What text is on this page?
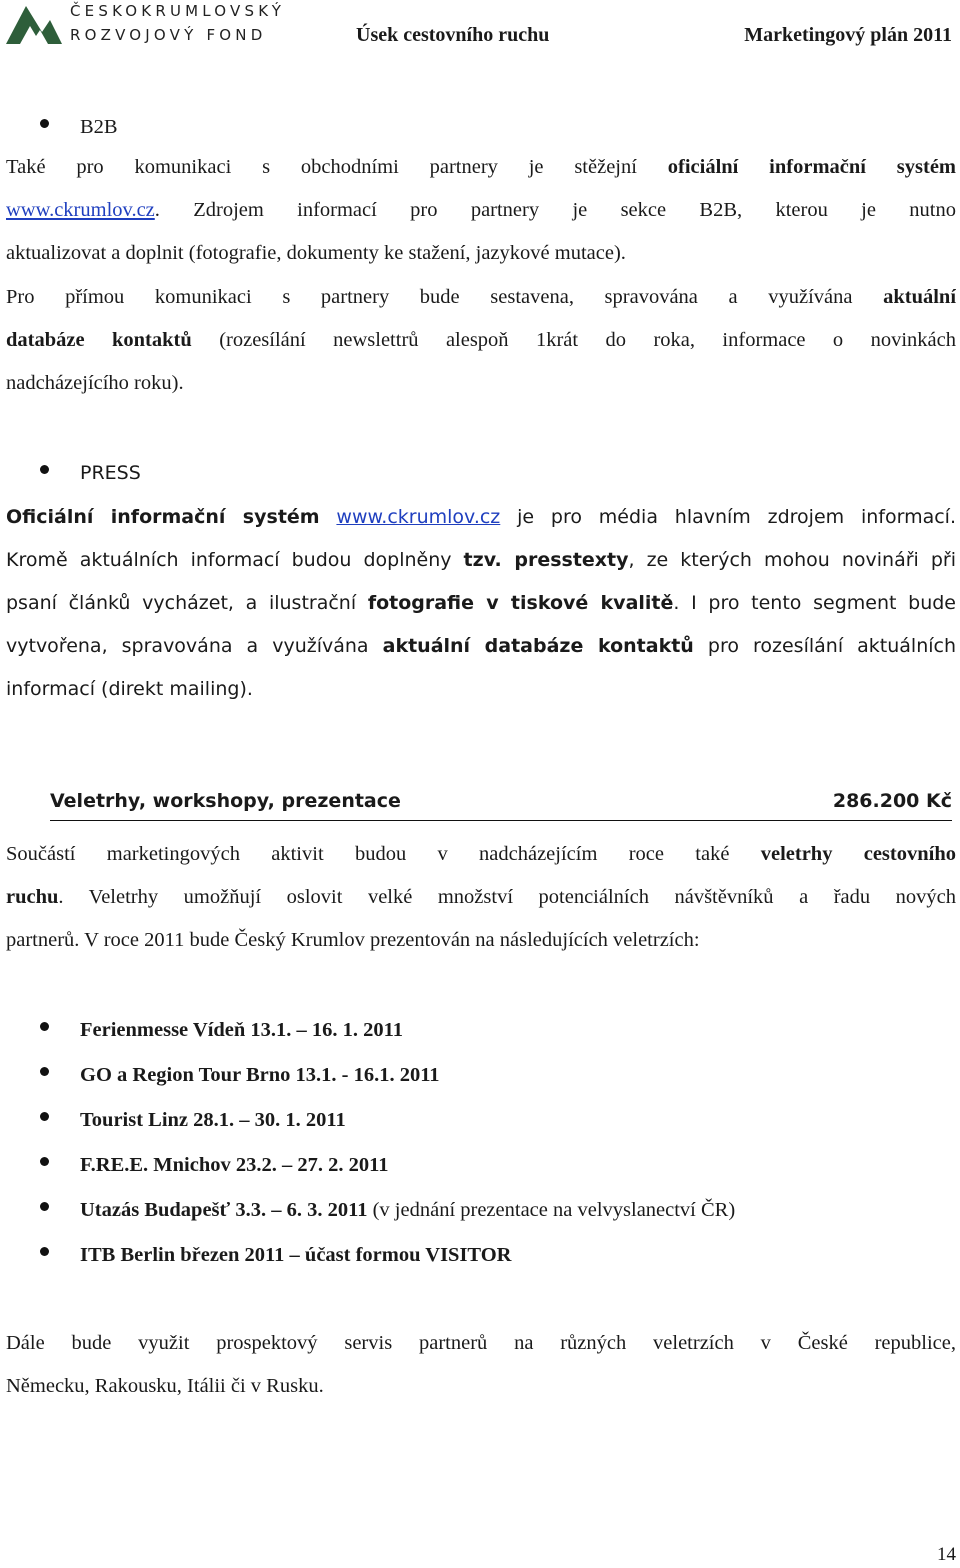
ČESKOKRUMLOVSKÝ
ROZVOJOVÝ FOND	Úsek cestovního ruchu	Marketingový plán 2011
B2B
Také pro komunikaci s obchodními partnery je stěžejní oficiální informační systém
www.ckrumlov.cz. Zdrojem informací pro partnery je sekce B2B, kterou je nutno
aktualizovat a doplnit (fotografie, dokumenty ke stažení, jazykové mutace).
Pro přímou komunikaci s partnery bude sestavena, spravována a využívána aktuální
databáze kontaktů (rozesílání newslettrů alespoň 1krát do roka, informace o novinkách
nadcházejícího roku).
PRESS
Oficiální informační systém www.ckrumlov.cz je pro média hlavním zdrojem informací.
Kromě aktuálních informací budou doplněny tzv. presstexty, ze kterých mohou novináři při
psaní článků vycházet, a ilustrační fotografie v tiskové kvalitě. I pro tento segment bude
vytvořena, spravována a využívána aktuální databáze kontaktů pro rozesílání aktuálních
informací (direkt mailing).
Veletrhy, workshopy, prezentace	286.200 Kč
Součástí marketingových aktivit budou v nadcházejícím roce také veletrhy cestovního
ruchu. Veletrhy umožňují oslovit velké množství potenciálních návštěvníků a řadu nových
partnerů. V roce 2011 bude Český Krumlov prezentován na následujících veletrzích:
Ferienmesse Vídeň 13.1. – 16. 1. 2011
GO a Region Tour Brno 13.1. - 16.1. 2011
Tourist Linz 28.1. – 30. 1. 2011
F.RE.E. Mnichov 23.2. – 27. 2. 2011
Utazás Budapešť 3.3. – 6. 3. 2011 (v jednání prezentace na velvyslanectví ČR)
ITB Berlin březen 2011 – účast formou VISITOR
Dále bude využit prospektový servis partnerů na různých veletrzích v České republice,
Německu, Rakousku, Itálii či v Rusku.
14
